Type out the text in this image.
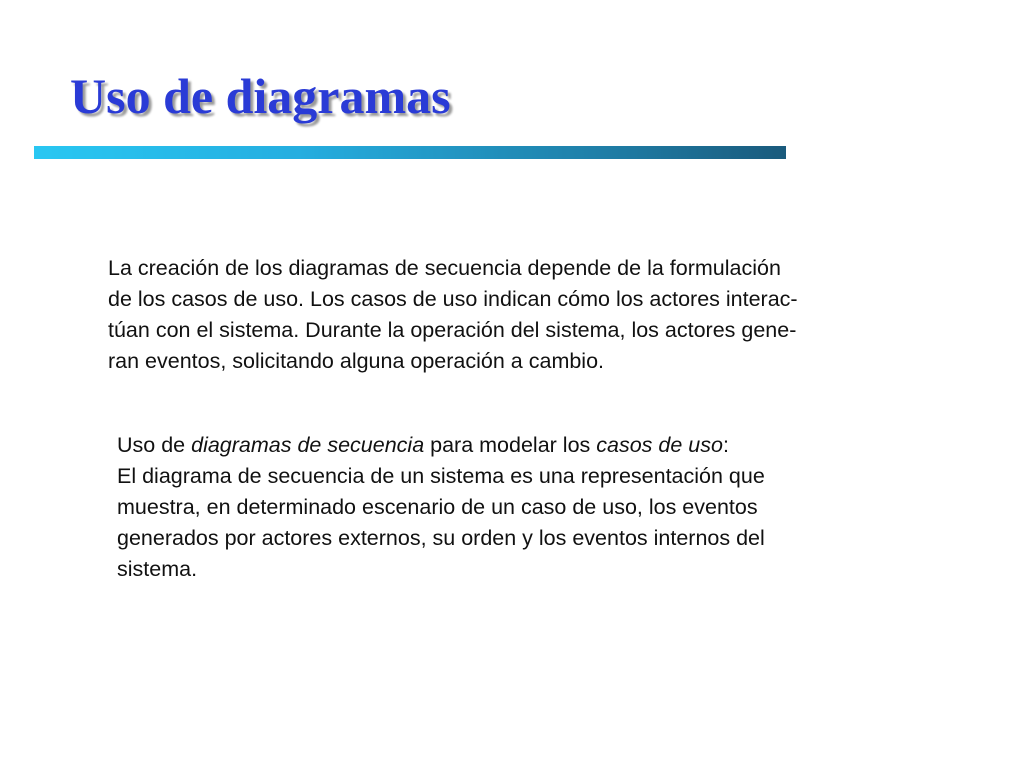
Uso de diagramas

La creación de los diagramas de secuencia depende de la formulación
de los casos de uso. Los casos de uso indican cómo los actores interac-
túan con el sistema. Durante la operación del sistema, los actores gene-
ran eventos, solicitando alguna operación a cambio.

Uso de diagramas de secuencia para modelar los casos de uso:
El diagrama de secuencia de un sistema es una representación que
muestra, en determinado escenario de un caso de uso, los eventos
generados por actores externos, su orden y los eventos internos del
sistema.
